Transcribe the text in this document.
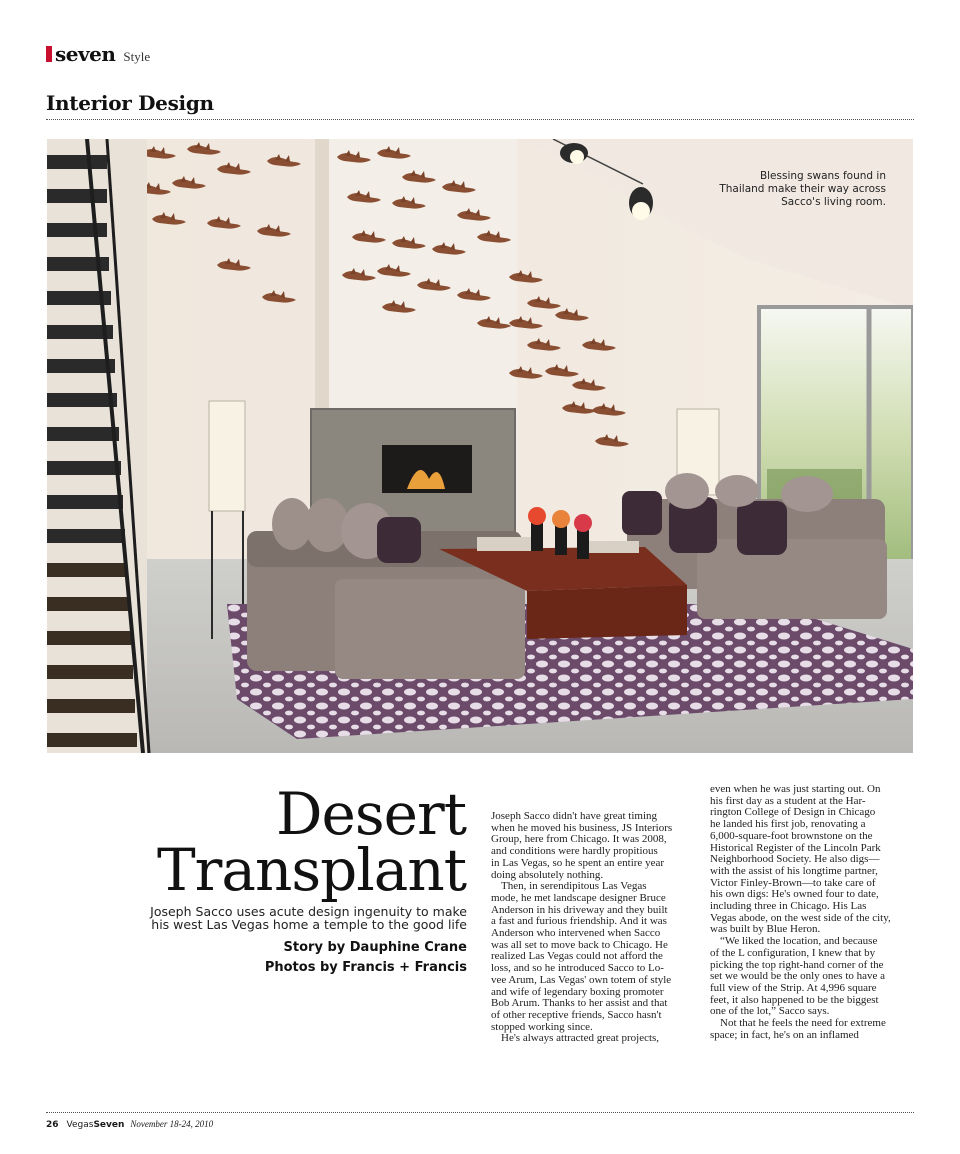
seven Style
Interior Design
Blessing swans found in Thailand make their way across Sacco's living room.
Desert
Transplant
Joseph Sacco uses acute design ingenuity to make his west Las Vegas home a temple to the good life
Story by Dauphine Crane
Photos by Francis + Francis
Joseph Sacco didn't have great timing
when he moved his business, JS Interiors
Group, here from Chicago. It was 2008,
and conditions were hardly propitious
in Las Vegas, so he spent an entire year
doing absolutely nothing.
Then, in serendipitous Las Vegas
mode, he met landscape designer Bruce
Anderson in his driveway and they built
a fast and furious friendship. And it was
Anderson who intervened when Sacco
was all set to move back to Chicago. He
realized Las Vegas could not afford the
loss, and so he introduced Sacco to Lo-
vee Arum, Las Vegas' own totem of style
and wife of legendary boxing promoter
Bob Arum. Thanks to her assist and that
of other receptive friends, Sacco hasn't
stopped working since.
He's always attracted great projects,
even when he was just starting out. On
his first day as a student at the Har-
rington College of Design in Chicago
he landed his first job, renovating a
6,000-square-foot brownstone on the
Historical Register of the Lincoln Park
Neighborhood Society. He also digs—
with the assist of his longtime partner,
Victor Finley-Brown—to take care of
his own digs: He's owned four to date,
including three in Chicago. His Las
Vegas abode, on the west side of the city,
was built by Blue Heron.
“We liked the location, and because
of the L configuration, I knew that by
picking the top right-hand corner of the
set we would be the only ones to have a
full view of the Strip. At 4,996 square
feet, it also happened to be the biggest
one of the lot,” Sacco says.
Not that he feels the need for extreme
space; in fact, he's on an inflamed
26 VegasSeven November 18-24, 2010
